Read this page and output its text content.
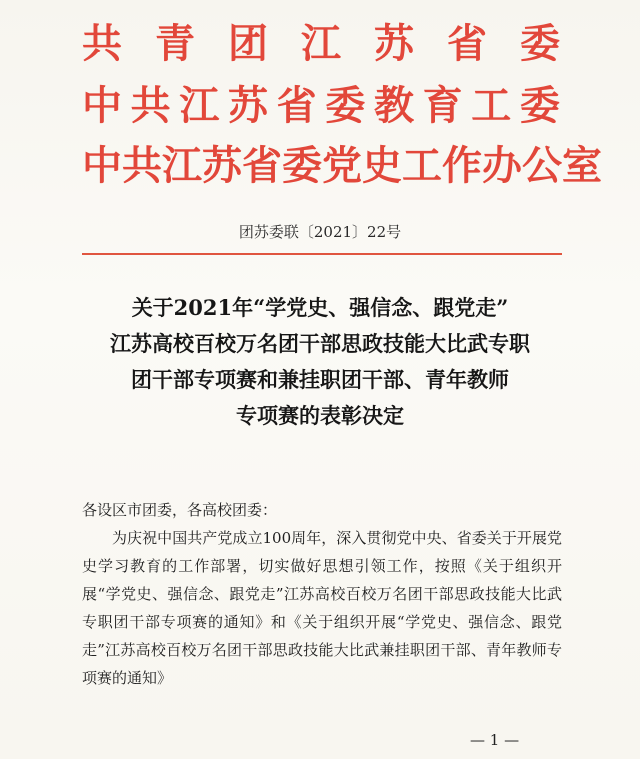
共 青 团 江 苏 省 委
中 共 江 苏 省 委 教 育 工 委
中 共 江 苏 省 委 党 史 工 作 办 公 室
团苏委联〔2021〕22号
关于2021年“学党史、强信念、跟党走”
江苏高校百校万名团干部思政技能大比武专职
团干部专项赛和兼挂职团干部、青年教师
专项赛的表彰决定
各设区市团委，各高校团委：

为庆祝中国共产党成立100周年，深入贯彻党中央、省委关于开展党史学习教育的工作部署，切实做好思想引领工作，按照《关于组织开展“学党史、强信念、跟党走”江苏高校百校万名团干部思政技能大比武专职团干部专项赛的通知》和《关于组织开展“学党史、强信念、跟党走”江苏高校百校万名团干部思政技能大比武兼挂职团干部、青年教师专项赛的通知》

— 1 —
